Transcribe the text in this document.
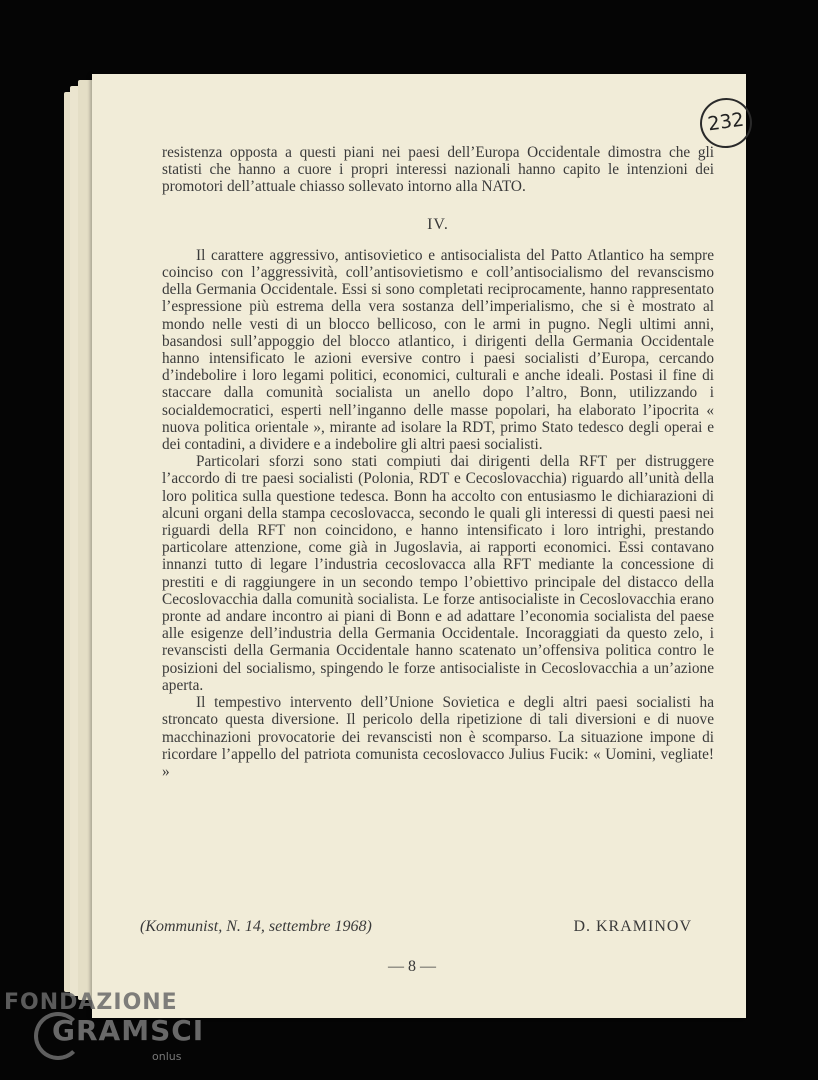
232

resistenza opposta a questi piani nei paesi dell’Europa Occidentale dimostra che gli statisti che hanno a cuore i propri interessi nazionali hanno capito le intenzioni dei promotori dell’attuale chiasso sollevato intorno alla NATO.

IV.

Il carattere aggressivo, antisovietico e antisocialista del Patto Atlantico ha sempre coinciso con l’aggressività, coll’antisovietismo e coll’antisocialismo del revanscismo della Germania Occidentale. Essi si sono completati reciprocamente, hanno rappresentato l’espressione più estrema della vera sostanza dell’imperialismo, che si è mostrato al mondo nelle vesti di un blocco bellicoso, con le armi in pugno. Negli ultimi anni, basandosi sull’appoggio del blocco atlantico, i dirigenti della Germania Occidentale hanno intensificato le azioni eversive contro i paesi socialisti d’Europa, cercando d’indebolire i loro legami politici, economici, culturali e anche ideali. Postasi il fine di staccare dalla comunità socialista un anello dopo l’altro, Bonn, utilizzando i socialdemocratici, esperti nell’inganno delle masse popolari, ha elaborato l’ipocrita « nuova politica orientale », mirante ad isolare la RDT, primo Stato tedesco degli operai e dei contadini, a dividere e a indebolire gli altri paesi socialisti.

Particolari sforzi sono stati compiuti dai dirigenti della RFT per distruggere l’accordo di tre paesi socialisti (Polonia, RDT e Cecoslovacchia) riguardo all’unità della loro politica sulla questione tedesca. Bonn ha accolto con entusiasmo le dichiarazioni di alcuni organi della stampa cecoslovacca, secondo le quali gli interessi di questi paesi nei riguardi della RFT non coincidono, e hanno intensificato i loro intrighi, prestando particolare attenzione, come già in Jugoslavia, ai rapporti economici. Essi contavano innanzi tutto di legare l’industria cecoslovacca alla RFT mediante la concessione di prestiti e di raggiungere in un secondo tempo l’obiettivo principale del distacco della Cecoslovacchia dalla comunità socialista. Le forze antisocialiste in Cecoslovacchia erano pronte ad andare incontro ai piani di Bonn e ad adattare l’economia socialista del paese alle esigenze dell’industria della Germania Occidentale. Incoraggiati da questo zelo, i revanscisti della Germania Occidentale hanno scatenato un’offensiva politica contro le posizioni del socialismo, spingendo le forze antisocialiste in Cecoslovacchia a un’azione aperta.

Il tempestivo intervento dell’Unione Sovietica e degli altri paesi socialisti ha stroncato questa diversione. Il pericolo della ripetizione di tali diversioni e di nuove macchinazioni provocatorie dei revanscisti non è scomparso. La situazione impone di ricordare l’appello del patriota comunista cecoslovacco Julius Fucik: « Uomini, vegliate! »

(Kommunist, N. 14, settembre 1968)	D. KRAMINOV
— 8 —
FONDAZIONE
GRAMSCI
onlus
